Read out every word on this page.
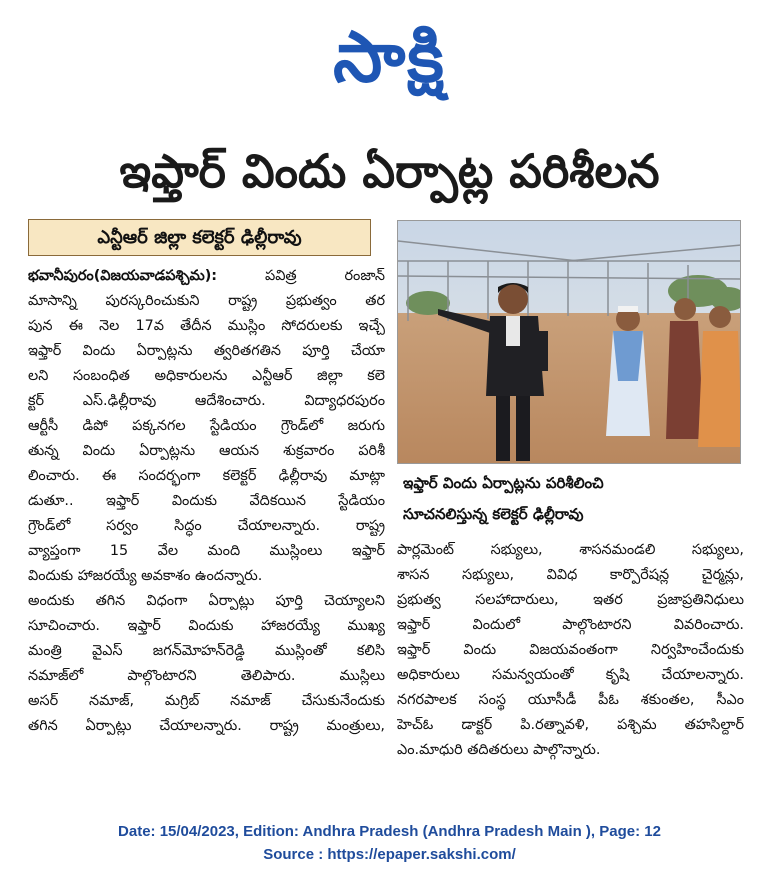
సాక్షి
ఇఫ్తార్‌ విందు ఏర్పాట్ల పరిశీలన
ఎన్టీఆర్‌ జిల్లా కలెక్టర్‌ ఢిల్లీరావు
భవానీపురం(విజయవాడపశ్చిమ): పవిత్ర రంజాన్‌
మాసాన్ని పురస్కరించుకుని రాష్ట్ర ప్రభుత్వం తర
పున ఈ నెల 17వ తేదీన ముస్లిం సోదరులకు ఇచ్చే
ఇఫ్తార్‌ విందు ఏర్పాట్లను త్వరితగతిన పూర్తి చేయా
లని సంబంధిత అధికారులను ఎన్టీఆర్‌ జిల్లా కలె
క్టర్‌ ఎస్‌.ఢిల్లీరావు ఆదేశించారు. విద్యాధరపురం
ఆర్టీసీ డిపో పక్కనగల స్టేడియం గ్రౌండ్‌లో జరుగు
తున్న విందు ఏర్పాట్లను ఆయన శుక్రవారం పరిశీ
లించారు. ఈ సందర్భంగా కలెక్టర్‌ ఢిల్లీరావు మాట్లా
డుతూ.. ఇఫ్తార్‌ విందుకు వేదికయిన స్టేడియం
గ్రౌండ్‌లో సర్వం సిద్ధం చేయాలన్నారు. రాష్ట్ర
వ్యాప్తంగా 15 వేల మంది ముస్లింలు ఇఫ్తార్‌
విందుకు హాజరయ్యే అవకాశం ఉందన్నారు.
అందుకు తగిన విధంగా ఏర్పాట్లు పూర్తి చెయ్యాలని
సూచించారు. ఇఫ్తార్‌ విందుకు హాజరయ్యే ముఖ్య
మంత్రి వైఎస్‌ జగన్‌మోహన్‌రెడ్డి ముస్లింతో కలిసి
నమాజ్‌లో పాల్గొంటారని తెలిపారు. ముస్లిలు
అసర్‌ నమాజ్‌, మగ్రిబ్‌ నమాజ్‌ చేసుకునేందుకు
తగిన ఏర్పాట్లు చేయాలన్నారు. రాష్ట్ర మంత్రులు,
ఇఫ్తార్‌ విందు ఏర్పాట్లను పరిశీలించి
సూచనలిస్తున్న కలెక్టర్‌ ఢిల్లీరావు
పార్లమెంట్‌ సభ్యులు, శాసనమండలి సభ్యులు,
శాసన సభ్యులు, వివిధ కార్పొరేషన్ల చైర్మన్లు,
ప్రభుత్వ సలహాదారులు, ఇతర ప్రజాప్రతినిధులు
ఇఫ్తార్‌ విందులో పాల్గొంటారని వివరించారు.
ఇఫ్తార్‌ విందు విజయవంతంగా నిర్వహించేందుకు
అధికారులు సమన్వయంతో కృషి చేయాలన్నారు.
నగరపాలక సంస్థ యూసీడీ పీఓ శకుంతల, సీఎం
హెచ్‌ఓ డాక్టర్‌ పి.రత్నావళి, పశ్చిమ తహసిల్దార్‌
ఎం.మాధురి తదితరులు పాల్గొన్నారు.
Date: 15/04/2023, Edition: Andhra Pradesh (Andhra Pradesh Main ), Page: 12
Source : https://epaper.sakshi.com/
